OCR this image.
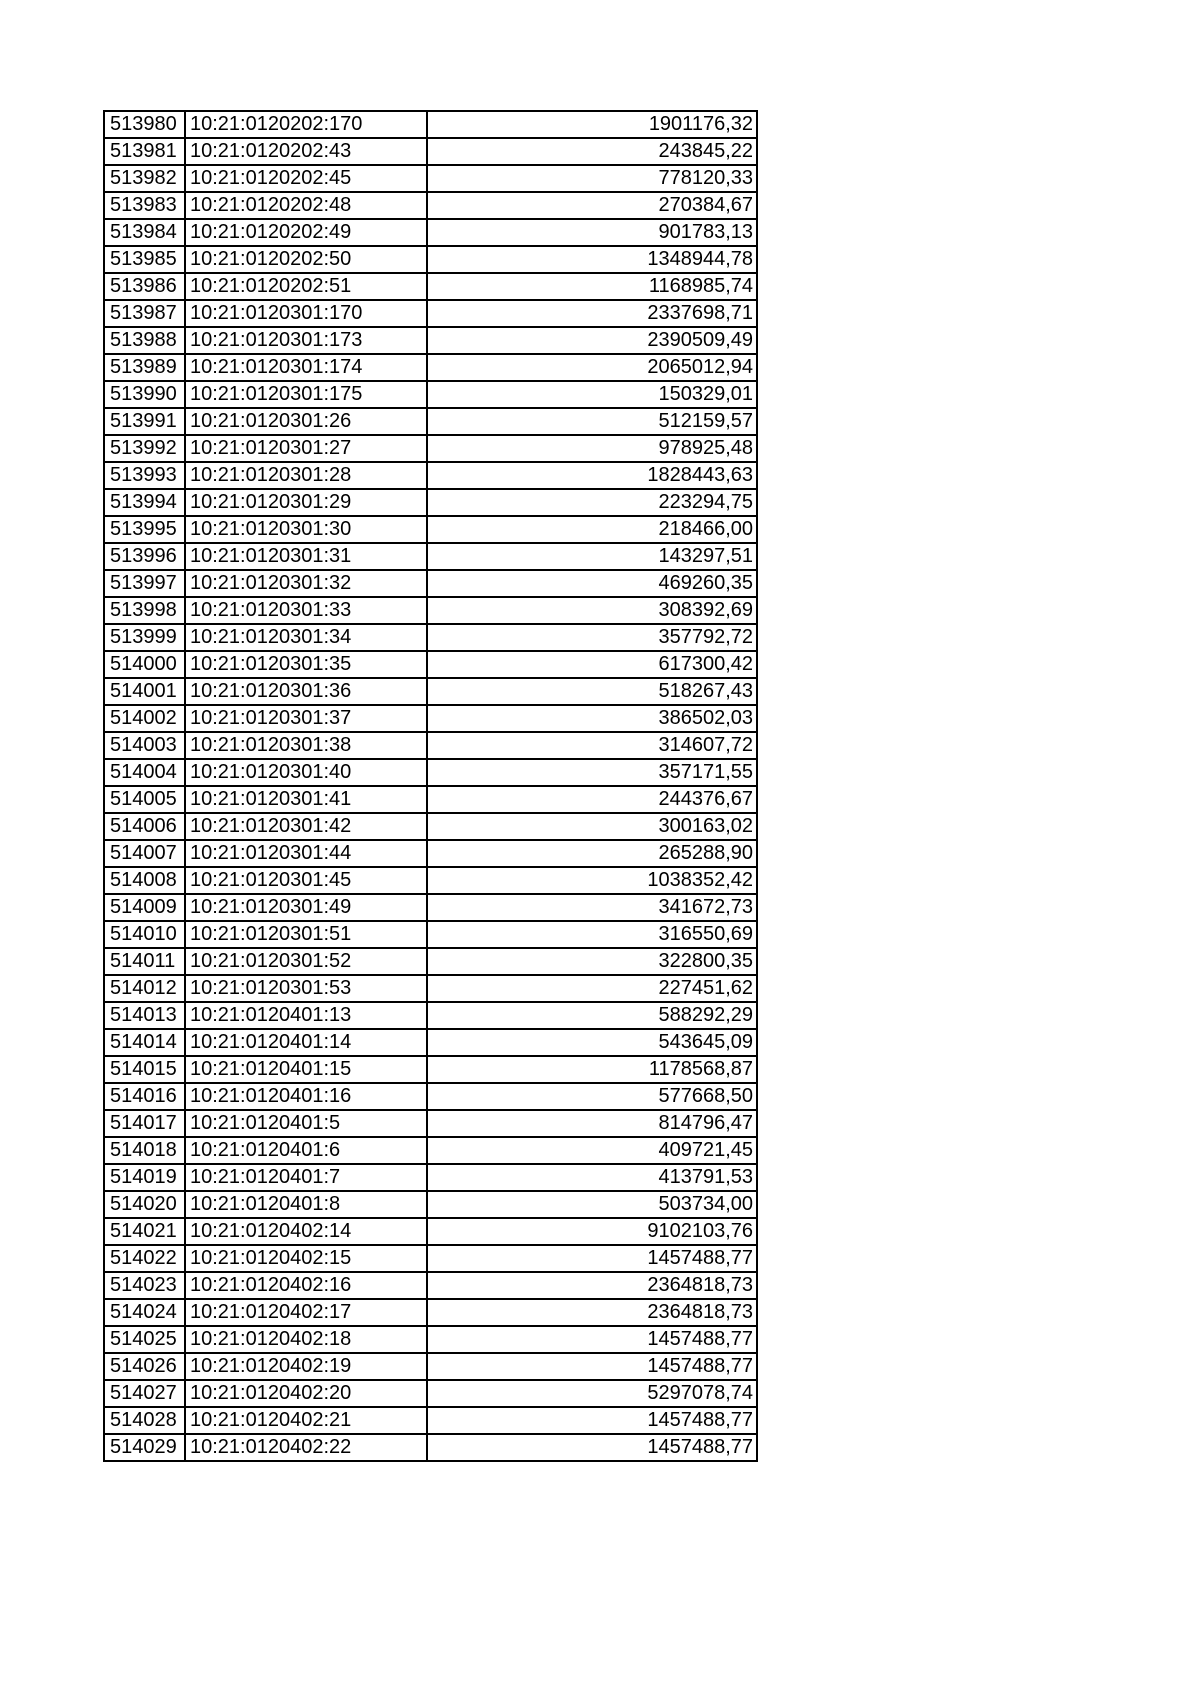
513980	10:21:0120202:170	1901176,32
513981	10:21:0120202:43	243845,22
513982	10:21:0120202:45	778120,33
513983	10:21:0120202:48	270384,67
513984	10:21:0120202:49	901783,13
513985	10:21:0120202:50	1348944,78
513986	10:21:0120202:51	1168985,74
513987	10:21:0120301:170	2337698,71
513988	10:21:0120301:173	2390509,49
513989	10:21:0120301:174	2065012,94
513990	10:21:0120301:175	150329,01
513991	10:21:0120301:26	512159,57
513992	10:21:0120301:27	978925,48
513993	10:21:0120301:28	1828443,63
513994	10:21:0120301:29	223294,75
513995	10:21:0120301:30	218466,00
513996	10:21:0120301:31	143297,51
513997	10:21:0120301:32	469260,35
513998	10:21:0120301:33	308392,69
513999	10:21:0120301:34	357792,72
514000	10:21:0120301:35	617300,42
514001	10:21:0120301:36	518267,43
514002	10:21:0120301:37	386502,03
514003	10:21:0120301:38	314607,72
514004	10:21:0120301:40	357171,55
514005	10:21:0120301:41	244376,67
514006	10:21:0120301:42	300163,02
514007	10:21:0120301:44	265288,90
514008	10:21:0120301:45	1038352,42
514009	10:21:0120301:49	341672,73
514010	10:21:0120301:51	316550,69
514011	10:21:0120301:52	322800,35
514012	10:21:0120301:53	227451,62
514013	10:21:0120401:13	588292,29
514014	10:21:0120401:14	543645,09
514015	10:21:0120401:15	1178568,87
514016	10:21:0120401:16	577668,50
514017	10:21:0120401:5	814796,47
514018	10:21:0120401:6	409721,45
514019	10:21:0120401:7	413791,53
514020	10:21:0120401:8	503734,00
514021	10:21:0120402:14	9102103,76
514022	10:21:0120402:15	1457488,77
514023	10:21:0120402:16	2364818,73
514024	10:21:0120402:17	2364818,73
514025	10:21:0120402:18	1457488,77
514026	10:21:0120402:19	1457488,77
514027	10:21:0120402:20	5297078,74
514028	10:21:0120402:21	1457488,77
514029	10:21:0120402:22	1457488,77
